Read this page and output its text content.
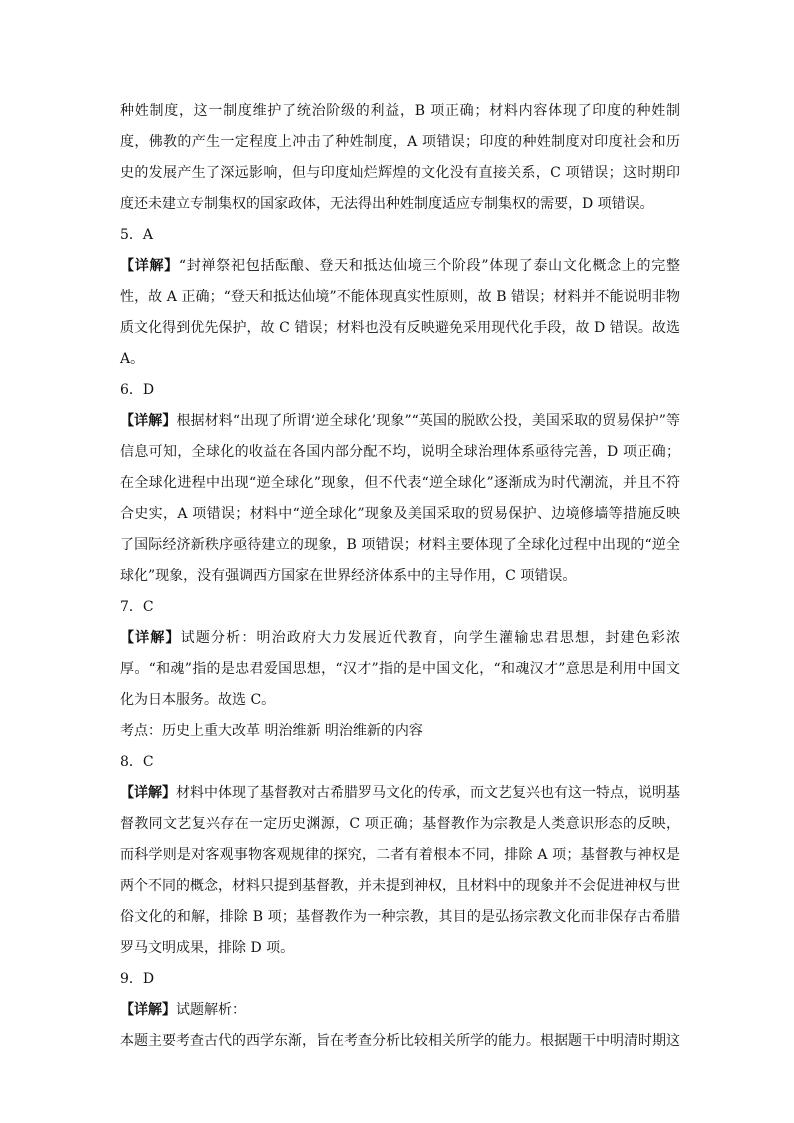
种姓制度，这一制度维护了统治阶级的利益，B 项正确；材料内容体现了印度的种姓制度，佛教的产生一定程度上冲击了种姓制度，A 项错误；印度的种姓制度对印度社会和历史的发展产生了深远影响，但与印度灿烂辉煌的文化没有直接关系，C 项错误；这时期印度还未建立专制集权的国家政体，无法得出种姓制度适应专制集权的需要，D 项错误。

5．A

【详解】“封禅祭祀包括酝酿、登天和抵达仙境三个阶段”体现了泰山文化概念上的完整性，故 A 正确；“登天和抵达仙境”不能体现真实性原则，故 B 错误；材料并不能说明非物质文化得到优先保护，故 C 错误；材料也没有反映避免采用现代化手段，故 D 错误。故选 A。

6．D

【详解】根据材料“出现了所谓‘逆全球化’现象”“英国的脱欧公投，美国采取的贸易保护”等信息可知，全球化的收益在各国内部分配不均，说明全球治理体系亟待完善，D 项正确；在全球化进程中出现“逆全球化”现象，但不代表“逆全球化”逐渐成为时代潮流，并且不符合史实，A 项错误；材料中“逆全球化”现象及美国采取的贸易保护、边境修墙等措施反映了国际经济新秩序亟待建立的现象，B 项错误；材料主要体现了全球化过程中出现的“逆全球化”现象，没有强调西方国家在世界经济体系中的主导作用，C 项错误。

7．C

【详解】试题分析：明治政府大力发展近代教育，向学生灌输忠君思想，封建色彩浓厚。“和魂”指的是忠君爱国思想，“汉才”指的是中国文化，“和魂汉才”意思是利用中国文化为日本服务。故选 C。

考点：历史上重大改革 明治维新 明治维新的内容

8．C

【详解】材料中体现了基督教对古希腊罗马文化的传承，而文艺复兴也有这一特点，说明基督教同文艺复兴存在一定历史渊源，C 项正确；基督教作为宗教是人类意识形态的反映，而科学则是对客观事物客观规律的探究，二者有着根本不同，排除 A 项；基督教与神权是两个不同的概念，材料只提到基督教，并未提到神权，且材料中的现象并不会促进神权与世俗文化的和解，排除 B 项；基督教作为一种宗教，其目的是弘扬宗教文化而非保存古希腊罗马文明成果，排除 D 项。

9．D

【详解】试题解析：

本题主要考查古代的西学东渐，旨在考查分析比较相关所学的能力。根据题干中明清时期这
